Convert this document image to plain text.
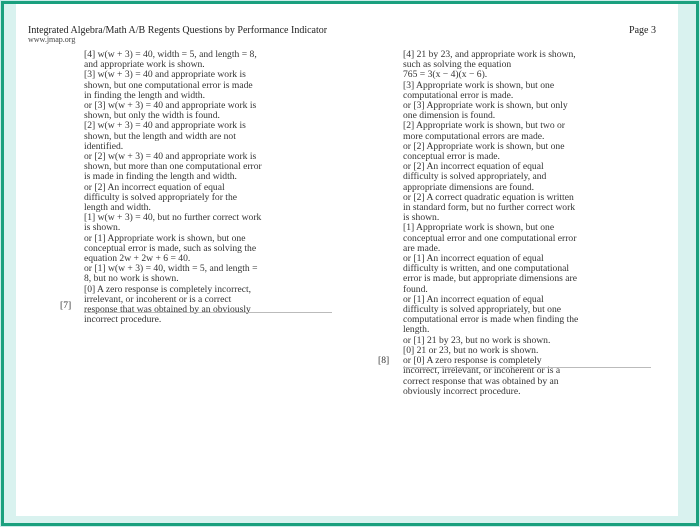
Integrated Algebra/Math A/B Regents Questions by Performance Indicator
www.jmap.org
Page 3
[7]

[4] w(w + 3) = 40, width = 5, and length = 8,

and appropriate work is shown.

[3] w(w + 3) = 40 and appropriate work is

shown, but one computational error is made

in finding the length and width.

or [3] w(w + 3) = 40 and appropriate work is

shown, but only the width is found.

[2] w(w + 3) = 40 and appropriate work is

shown, but the length and width are not

identified.

or [2] w(w + 3) = 40 and appropriate work is

shown, but more than one computational error

is made in finding the length and width.

or [2] An incorrect equation of equal

difficulty is solved appropriately for the

length and width.

[1] w(w + 3) = 40, but no further correct work

is shown.

or [1] Appropriate work is shown, but one

conceptual error is made, such as solving the

equation 2w + 2w + 6 = 40.

or [1] w(w + 3) = 40, width = 5, and length =

8, but no work is shown.

[0] A zero response is completely incorrect,

irrelevant, or incoherent or is a correct

response that was obtained by an obviously

incorrect procedure.

[8]

[4] 21 by 23, and appropriate work is shown,

such as solving the equation

765 = 3(x − 4)(x − 6).

[3] Appropriate work is shown, but one

computational error is made.

or [3] Appropriate work is shown, but only

one dimension is found.

[2] Appropriate work is shown, but two or

more computational errors are made.

or [2] Appropriate work is shown, but one

conceptual error is made.

or [2] An incorrect equation of equal

difficulty is solved appropriately, and

appropriate dimensions are found.

or [2] A correct quadratic equation is written

in standard form, but no further correct work

is shown.

[1] Appropriate work is shown, but one

conceptual error and one computational error

are made.

or [1] An incorrect equation of equal

difficulty is written, and one computational

error is made, but appropriate dimensions are

found.

or [1] An incorrect equation of equal

difficulty is solved appropriately, but one

computational error is made when finding the

length.

or [1] 21 by 23, but no work is shown.

[0] 21 or 23, but no work is shown.

or [0] A zero response is completely

incorrect, irrelevant, or incoherent or is a

correct response that was obtained by an

obviously incorrect procedure.
